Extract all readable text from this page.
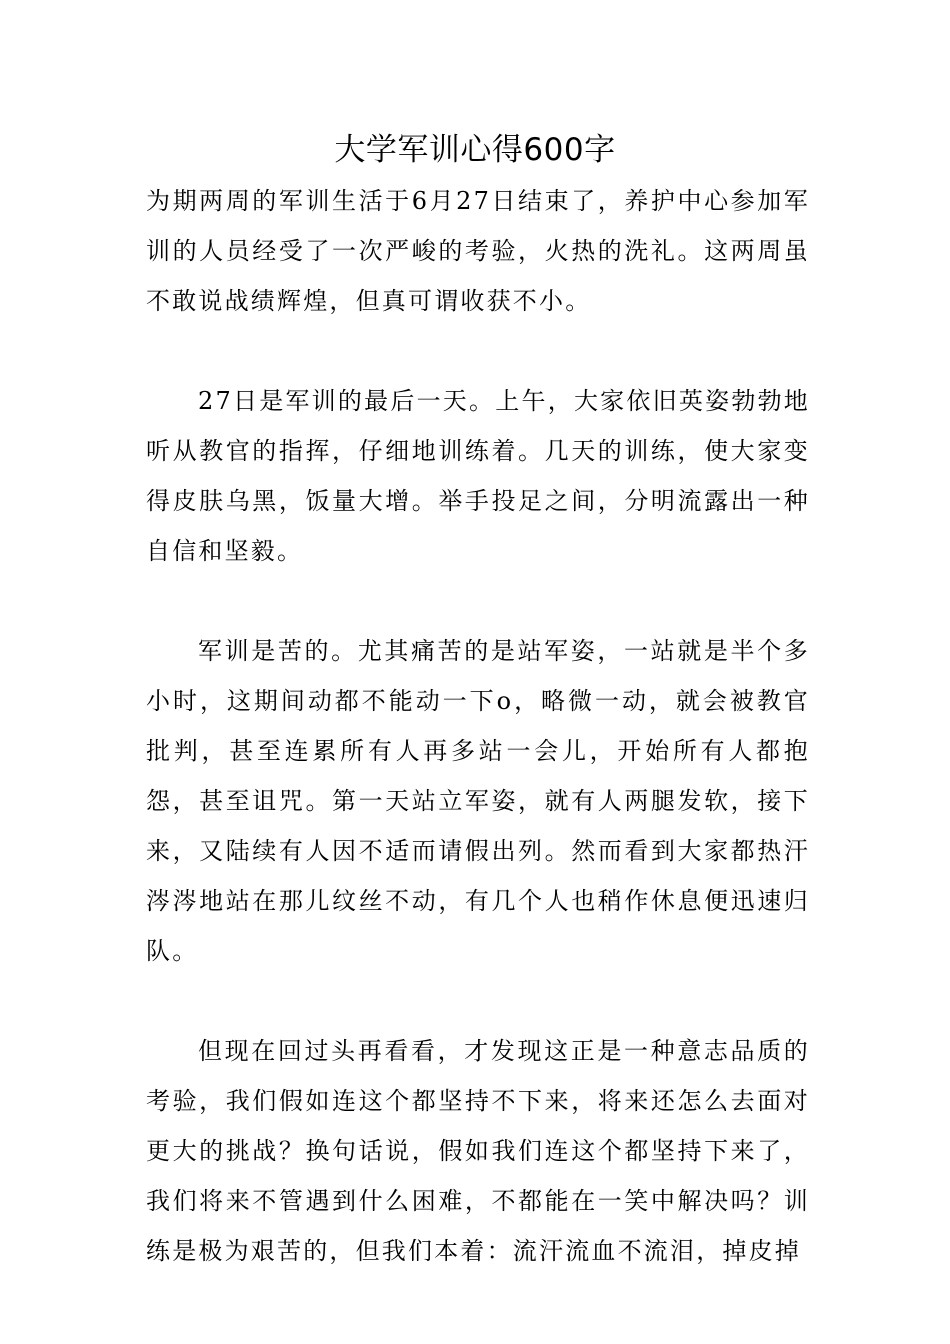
大学军训心得600字

为期两周的军训生活于6月27日结束了，养护中心参加军训的人员经受了一次严峻的考验，火热的洗礼。这两周虽不敢说战绩辉煌，但真可谓收获不小。

27日是军训的最后一天。上午，大家依旧英姿勃勃地听从教官的指挥，仔细地训练着。几天的训练，使大家变得皮肤乌黑，饭量大增。举手投足之间，分明流露出一种自信和坚毅。

军训是苦的。尤其痛苦的是站军姿，一站就是半个多小时，这期间动都不能动一下o，略微一动，就会被教官批判，甚至连累所有人再多站一会儿，开始所有人都抱怨，甚至诅咒。第一天站立军姿，就有人两腿发软，接下来，又陆续有人因不适而请假出列。然而看到大家都热汗涔涔地站在那儿纹丝不动，有几个人也稍作休息便迅速归队。

但现在回过头再看看，才发现这正是一种意志品质的考验，我们假如连这个都坚持不下来，将来还怎么去面对更大的挑战？换句话说，假如我们连这个都坚持下来了，我们将来不管遇到什么困难，不都能在一笑中解决吗？训练是极为艰苦的，但我们本着：流汗流血不流泪，掉皮掉
